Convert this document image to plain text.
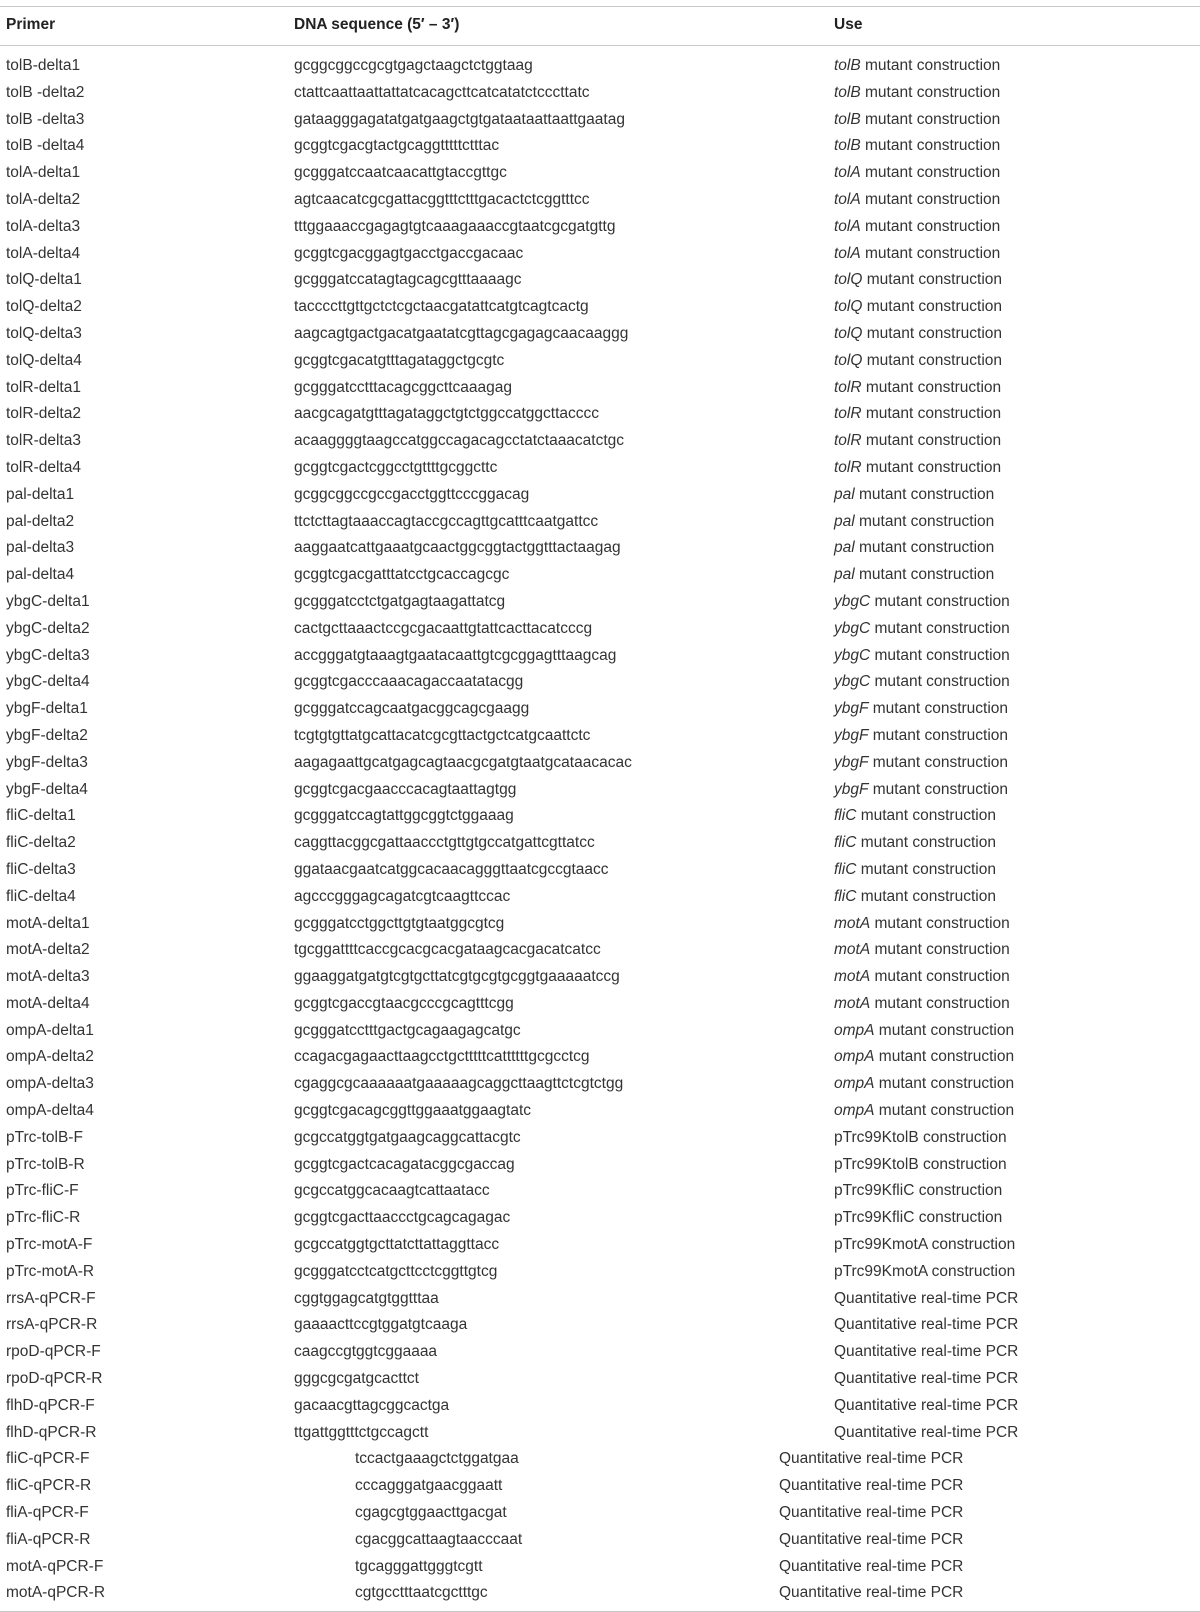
Primer	DNA sequence (5′ – 3′)	Use
tolB-delta1	gcggcggccgcgtgagctaagctctggtaag	tolB mutant construction
tolB -delta2	ctattcaattaattattatcacagcttcatcatatctcccttatc	tolB mutant construction
tolB -delta3	gataagggagatatgatgaagctgtgataataattaattgaatag	tolB mutant construction
tolB -delta4	gcggtcgacgtactgcaggtttttctttac	tolB mutant construction
tolA-delta1	gcgggatccaatcaacattgtaccgttgc	tolA mutant construction
tolA-delta2	agtcaacatcgcgattacggtttctttgacactctcggtttcc	tolA mutant construction
tolA-delta3	tttggaaaccgagagtgtcaaagaaaccgtaatcgcgatgttg	tolA mutant construction
tolA-delta4	gcggtcgacggagtgacctgaccgacaac	tolA mutant construction
tolQ-delta1	gcgggatccatagtagcagcgtttaaaagc	tolQ mutant construction
tolQ-delta2	taccccttgttgctctcgctaacgatattcatgtcagtcactg	tolQ mutant construction
tolQ-delta3	aagcagtgactgacatgaatatcgttagcgagagcaacaaggg	tolQ mutant construction
tolQ-delta4	gcggtcgacatgtttagataggctgcgtc	tolQ mutant construction
tolR-delta1	gcgggatcctttacagcggcttcaaagag	tolR mutant construction
tolR-delta2	aacgcagatgtttagataggctgtctggccatggcttacccc	tolR mutant construction
tolR-delta3	acaaggggtaagccatggccagacagcctatctaaacatctgc	tolR mutant construction
tolR-delta4	gcggtcgactcggcctgttttgcggcttc	tolR mutant construction
pal-delta1	gcggcggccgccgacctggttcccggacag	pal mutant construction
pal-delta2	ttctcttagtaaaccagtaccgccagttgcatttcaatgattcc	pal mutant construction
pal-delta3	aaggaatcattgaaatgcaactggcggtactggtttactaagag	pal mutant construction
pal-delta4	gcggtcgacgatttatcctgcaccagcgc	pal mutant construction
ybgC-delta1	gcgggatcctctgatgagtaagattatcg	ybgC mutant construction
ybgC-delta2	cactgcttaaactccgcgacaattgtattcacttacatcccg	ybgC mutant construction
ybgC-delta3	accgggatgtaaagtgaatacaattgtcgcggagtttaagcag	ybgC mutant construction
ybgC-delta4	gcggtcgacccaaacagaccaatatacgg	ybgC mutant construction
ybgF-delta1	gcgggatccagcaatgacggcagcgaagg	ybgF mutant construction
ybgF-delta2	tcgtgtgttatgcattacatcgcgttactgctcatgcaattctc	ybgF mutant construction
ybgF-delta3	aagagaattgcatgagcagtaacgcgatgtaatgcataacacac	ybgF mutant construction
ybgF-delta4	gcggtcgacgaacccacagtaattagtgg	ybgF mutant construction
fliC-delta1	gcgggatccagtattggcggtctggaaag	fliC mutant construction
fliC-delta2	caggttacggcgattaaccctgttgtgccatgattcgttatcc	fliC mutant construction
fliC-delta3	ggataacgaatcatggcacaacagggttaatcgccgtaacc	fliC mutant construction
fliC-delta4	agcccgggagcagatcgtcaagttccac	fliC mutant construction
motA-delta1	gcgggatcctggcttgtgtaatggcgtcg	motA mutant construction
motA-delta2	tgcggattttcaccgcacgcacgataagcacgacatcatcc	motA mutant construction
motA-delta3	ggaaggatgatgtcgtgcttatcgtgcgtgcggtgaaaaatccg	motA mutant construction
motA-delta4	gcggtcgaccgtaacgcccgcagtttcgg	motA mutant construction
ompA-delta1	gcgggatcctttgactgcagaagagcatgc	ompA mutant construction
ompA-delta2	ccagacgagaacttaagcctgctttttcattttttgcgcctcg	ompA mutant construction
ompA-delta3	cgaggcgcaaaaaatgaaaaagcaggcttaagttctcgtctgg	ompA mutant construction
ompA-delta4	gcggtcgacagcggttggaaatggaagtatc	ompA mutant construction
pTrc-tolB-F	gcgccatggtgatgaagcaggcattacgtc	pTrc99KtolB construction
pTrc-tolB-R	gcggtcgactcacagatacggcgaccag	pTrc99KtolB construction
pTrc-fliC-F	gcgccatggcacaagtcattaatacc	pTrc99KfliC construction
pTrc-fliC-R	gcggtcgacttaaccctgcagcagagac	pTrc99KfliC construction
pTrc-motA-F	gcgccatggtgcttatcttattaggttacc	pTrc99KmotA construction
pTrc-motA-R	gcgggatcctcatgcttcctcggttgtcg	pTrc99KmotA construction
rrsA-qPCR-F	cggtggagcatgtggtttaa	Quantitative real-time PCR
rrsA-qPCR-R	gaaaacttccgtggatgtcaaga	Quantitative real-time PCR
rpoD-qPCR-F	caagccgtggtcggaaaa	Quantitative real-time PCR
rpoD-qPCR-R	gggcgcgatgcacttct	Quantitative real-time PCR
flhD-qPCR-F	gacaacgttagcggcactga	Quantitative real-time PCR
flhD-qPCR-R	ttgattggtttctgccagctt	Quantitative real-time PCR
fliC-qPCR-F	tccactgaaagctctggatgaa	Quantitative real-time PCR
fliC-qPCR-R	cccagggatgaacggaatt	Quantitative real-time PCR
fliA-qPCR-F	cgagcgtggaacttgacgat	Quantitative real-time PCR
fliA-qPCR-R	cgacggcattaagtaacccaat	Quantitative real-time PCR
motA-qPCR-F	tgcagggattgggtcgtt	Quantitative real-time PCR
motA-qPCR-R	cgtgcctttaatcgctttgc	Quantitative real-time PCR
